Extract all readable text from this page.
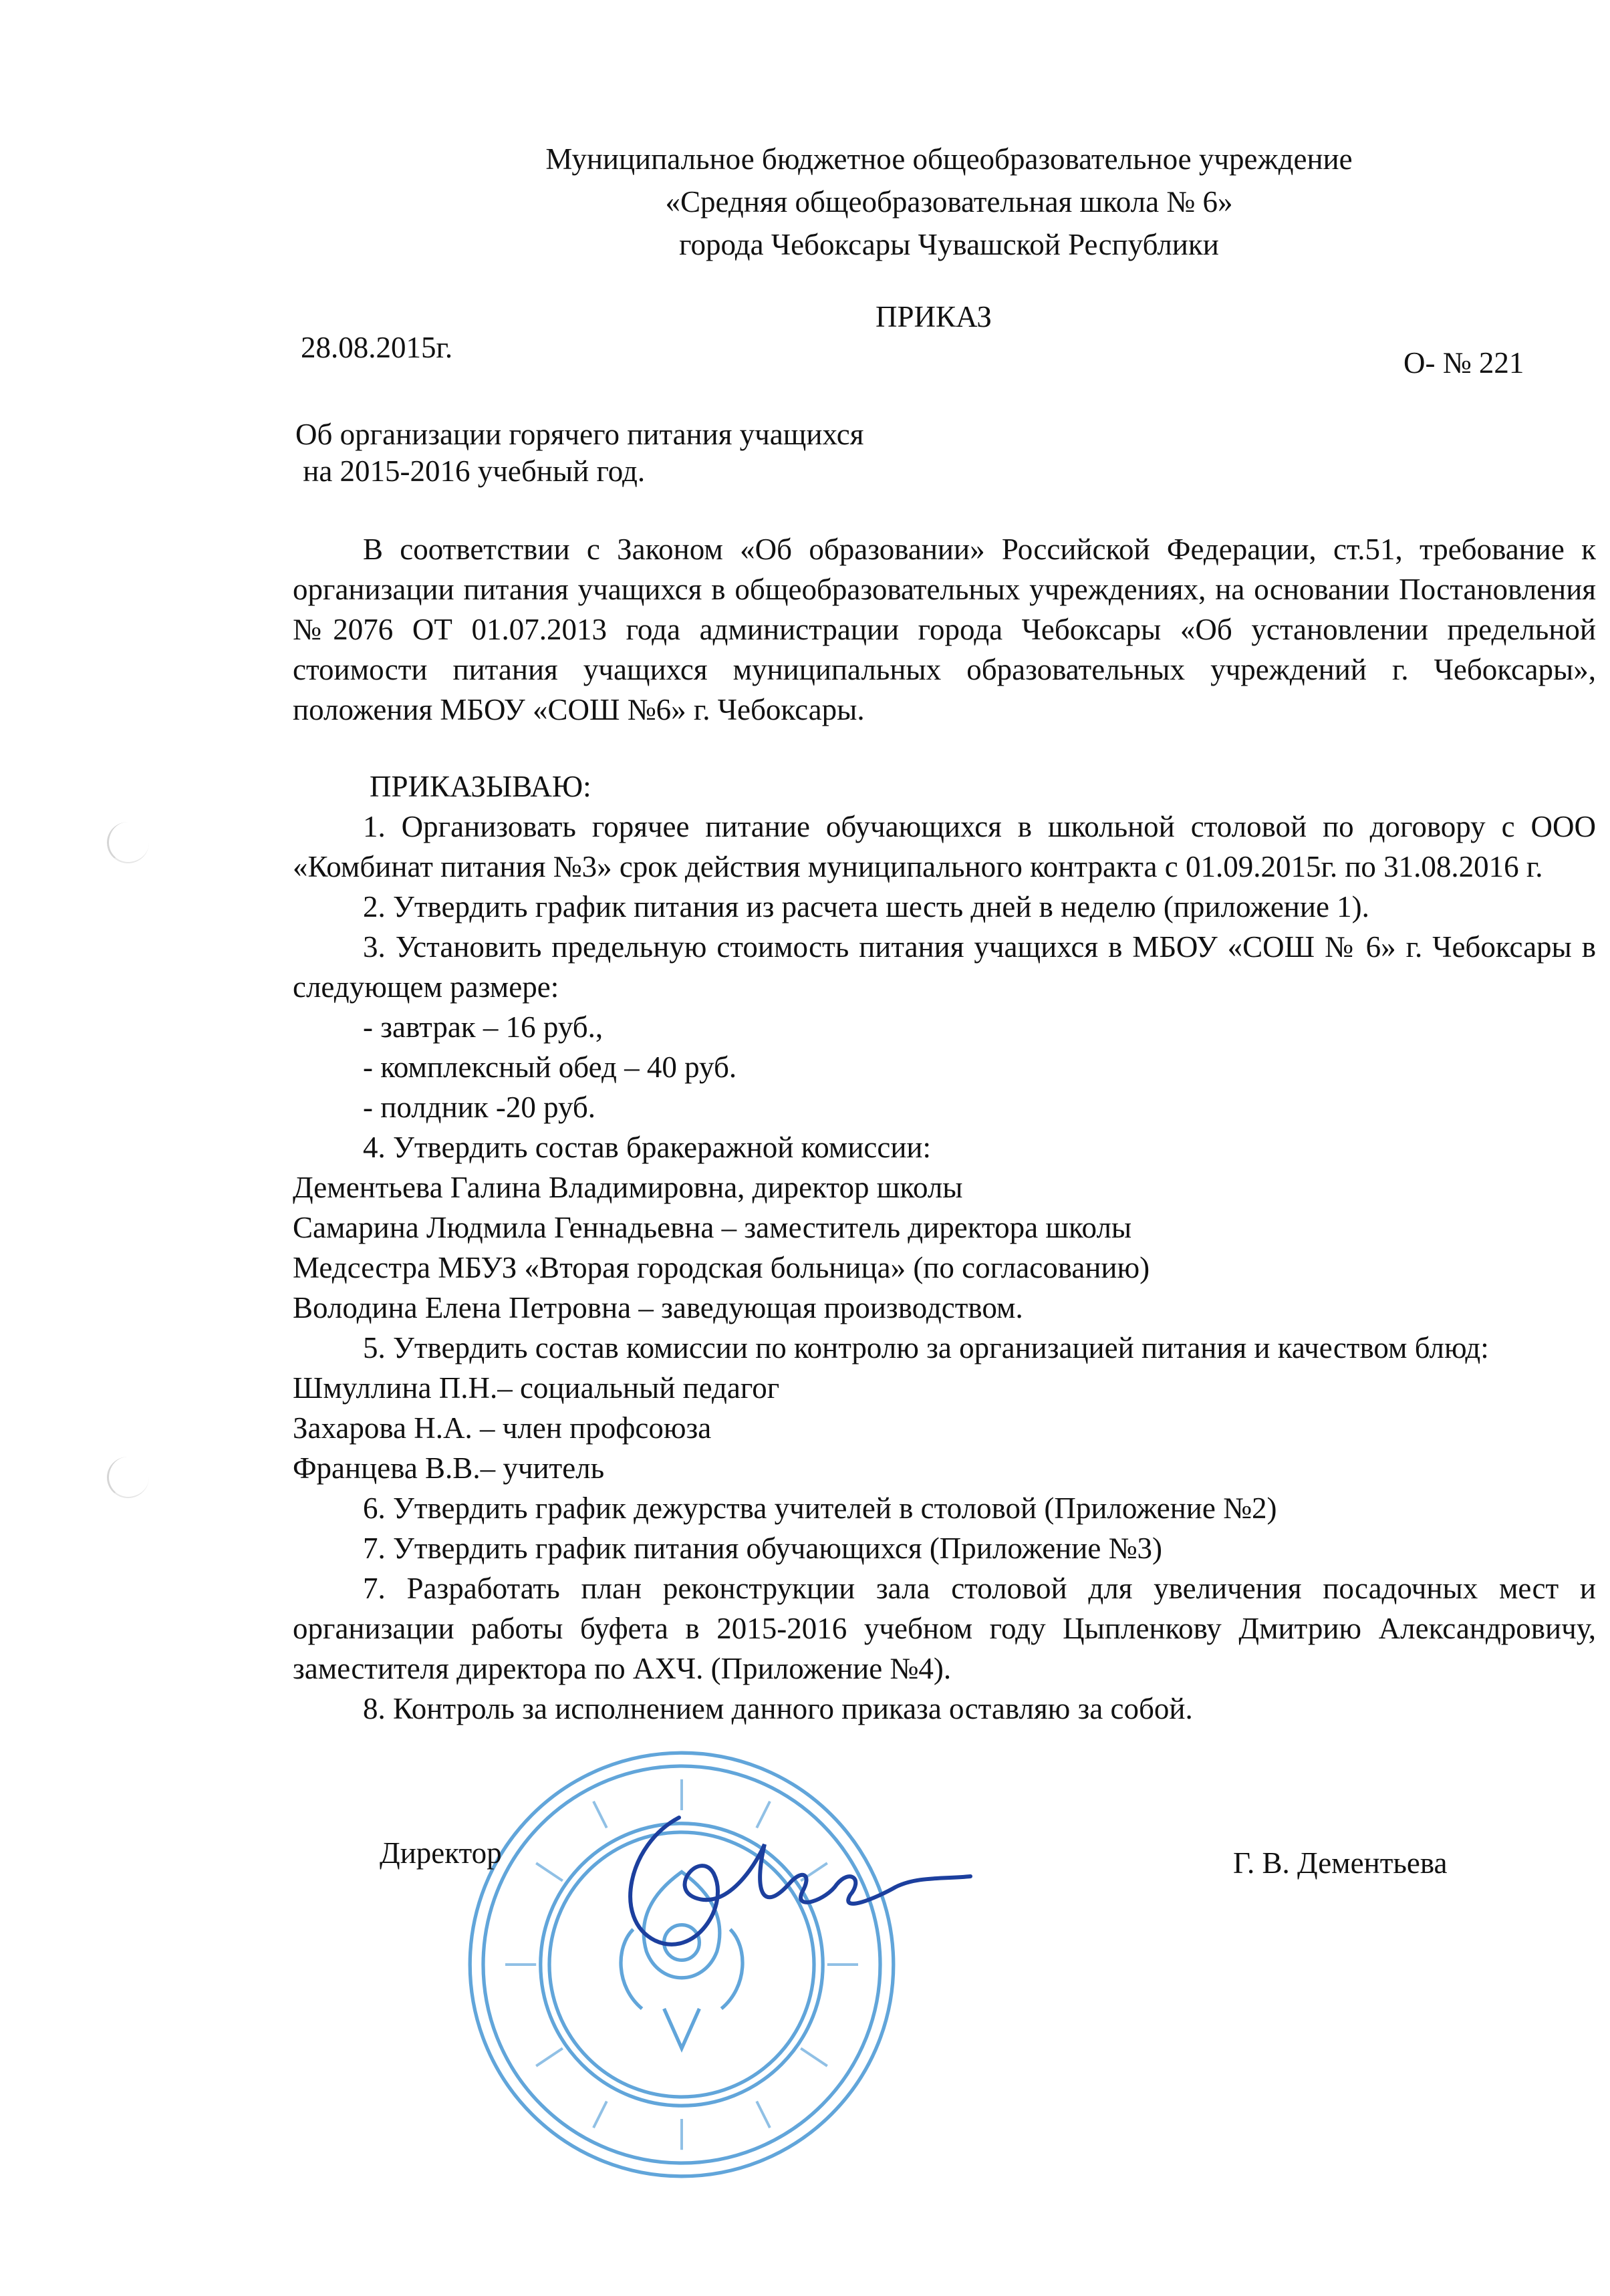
Муниципальное бюджетное общеобразовательное учреждение
«Средняя общеобразовательная школа № 6»
города Чебоксары Чувашской Республики
ПРИКАЗ
28.08.2015г.	О- № 221
Об организации горячего питания учащихся
на 2015-2016 учебный год.

В соответствии с Законом «Об образовании» Российской Федерации, ст.51, требование к организации питания учащихся в общеобразовательных учреждениях, на основании Постановления №2076 ОТ 01.07.2013 года администрации города Чебоксары «Об установлении предельной стоимости питания учащихся муниципальных образовательных учреждений г. Чебоксары», положения МБОУ «СОШ №6» г. Чебоксары.

ПРИКАЗЫВАЮ:

1. Организовать горячее питание обучающихся в школьной столовой по договору с ООО «Комбинат питания №3» срок действия муниципального контракта с 01.09.2015г. по 31.08.2016 г.

2. Утвердить график питания из расчета шесть дней в неделю (приложение 1).

3. Установить предельную стоимость питания учащихся в МБОУ «СОШ № 6» г. Чебоксары в следующем размере:

- завтрак – 16 руб.,

- комплексный обед – 40 руб.

- полдник -20 руб.

4. Утвердить состав бракеражной комиссии:

Дементьева Галина Владимировна, директор школы

Самарина Людмила Геннадьевна – заместитель директора школы

Медсестра МБУЗ «Вторая городская больница» (по согласованию)

Володина Елена Петровна – заведующая производством.

5. Утвердить состав комиссии по контролю за организацией питания и качеством блюд:

Шмуллина П.Н.– социальный педагог

Захарова Н.А. – член профсоюза

Францева В.В.– учитель

6. Утвердить график дежурства учителей в столовой (Приложение №2)

7. Утвердить график питания обучающихся (Приложение №3)

7. Разработать план реконструкции зала столовой для увеличения посадочных мест и организации работы буфета в 2015-2016 учебном году Цыпленкову Дмитрию Александровичу, заместителя директора по АХЧ. (Приложение №4).

8. Контроль за исполнением данного приказа оставляю за собой.

Директор	Г. В. Дементьева
